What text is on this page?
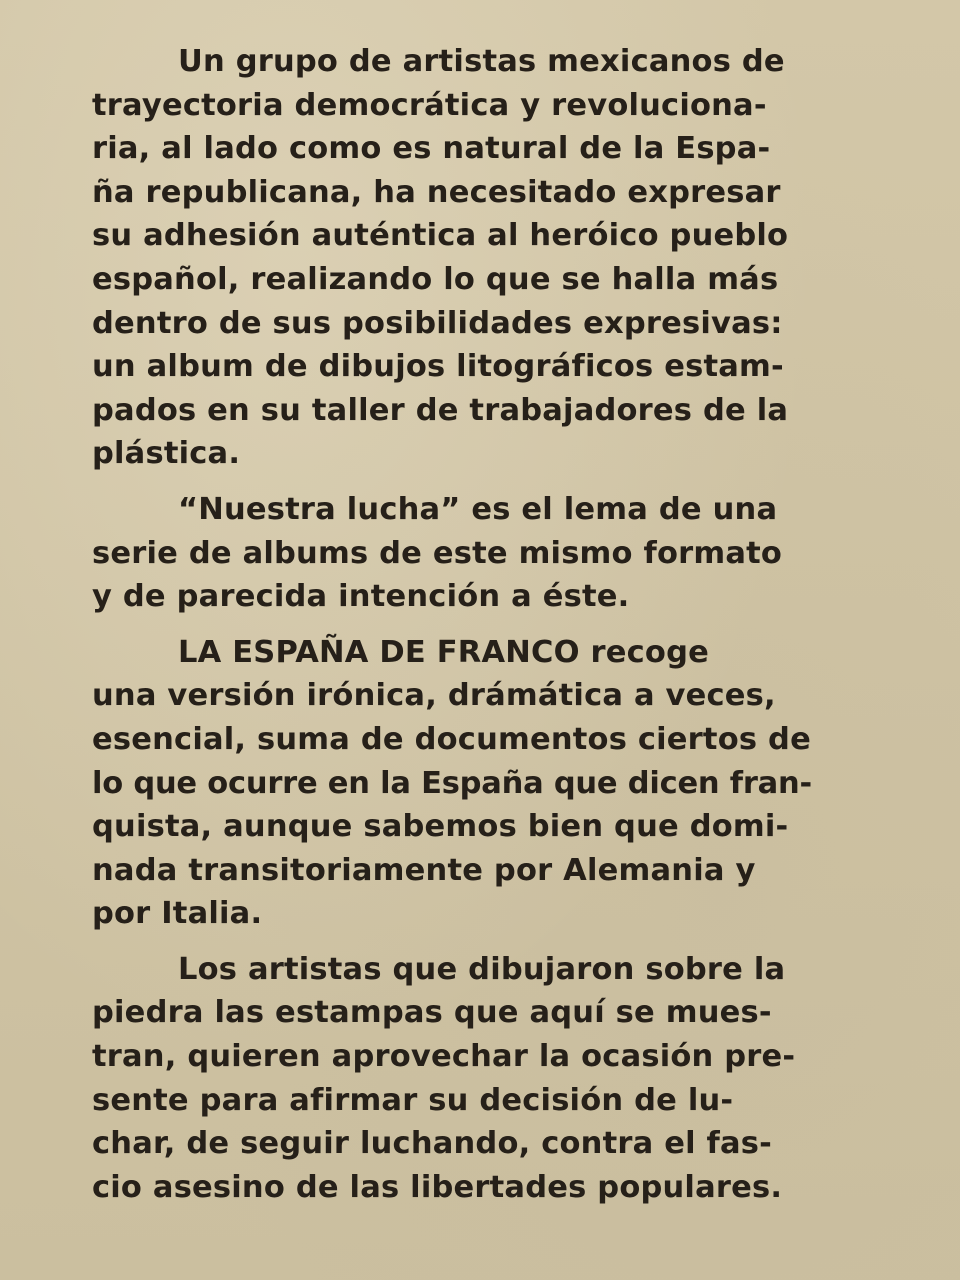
Un grupo de artistas mexicanos de
trayectoria democrática y revoluciona-
ria, al lado como es natural de la Espa-
ña republicana, ha necesitado expresar
su adhesión auténtica al heróico pueblo
español, realizando lo que se halla más
dentro de sus posibilidades expresivas:
un album de dibujos litográficos estam-
pados en su taller de trabajadores de la
plástica.
“Nuestra lucha” es el lema de una
serie de albums de este mismo formato
y de parecida intención a éste.
LA ESPAÑA DE FRANCO recoge
una versión irónica, drámática a veces,
esencial, suma de documentos ciertos de
lo que ocurre en la España que dicen fran-
quista, aunque sabemos bien que domi-
nada transitoriamente por Alemania y
por Italia.
Los artistas que dibujaron sobre la
piedra las estampas que aquí se mues-
tran, quieren aprovechar la ocasión pre-
sente para afirmar su decisión de lu-
char, de seguir luchando, contra el fas-
cio asesino de las libertades populares.
